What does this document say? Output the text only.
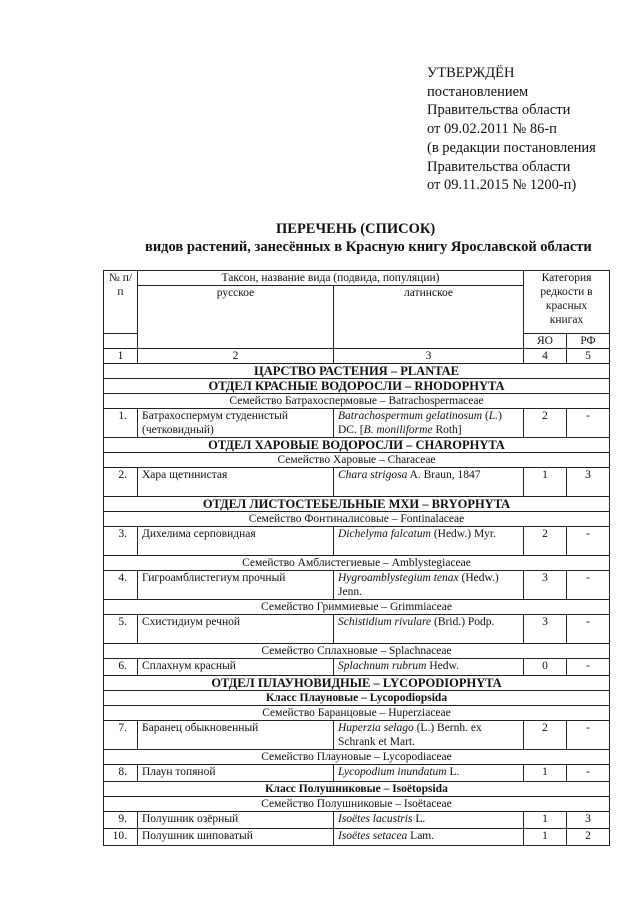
УТВЕРЖДЁН
постановлением
Правительства области
от 09.02.2011 № 86-п
(в редакции постановления
Правительства области
от 09.11.2015 № 1200-п)
ПЕРЕЧЕНЬ (СПИСОК)
видов растений, занесённых в Красную книгу Ярославской области
№ п/п	Таксон, название вида (подвида, популяции)		Категория редкости в красных книгах	
	русское	латинское		
			ЯО	РФ
1	2	3	4	5
ЦАРСТВО РАСТЕНИЯ – PLANTAE				
ОТДЕЛ КРАСНЫЕ ВОДОРОСЛИ – RHODOPHYTA				
Семейство Батрахоспермовые – Batrachospermaceae				
1.	Батрахоспермум студенистый (четковидный)	Batrachospermum gelatinosum (L.) DC. [B. moniliforme Roth]	2	-
ОТДЕЛ ХАРОВЫЕ ВОДОРОСЛИ – CHAROPHYTA				
Семейство Харовые – Characeae				
2.	Хара щетинистая	Chara strigosa A. Braun, 1847	1	3
ОТДЕЛ ЛИСТОСТЕБЕЛЬНЫЕ МХИ – BRYOPHYTA				
Семейство Фонтиналисовые – Fontinalaceae				
3.	Дихелима серповидная	Dichelyma falcatum (Hedw.) Myr.	2	-
Семейство Амблистегиевые – Amblystegiaceae				
4.	Гигроамблистегиум прочный	Hygroamblystegium tenax (Hedw.) Jenn.	3	-
Семейство Гриммиевые – Grimmiaceae				
5.	Схистидиум речной	Schistidium rivulare (Brid.) Podp.	3	-
Семейство Сплахновые – Splachnaceae				
6.	Сплахнум красный	Splachnum rubrum Hedw.	0	-
ОТДЕЛ ПЛАУНОВИДНЫЕ – LYCOPODIOPHYTA				
Класс Плауновые – Lycopodiopsida				
Семейство Баранцовые – Huperziaceae				
7.	Баранец обыкновенный	Huperzia selago (L.) Bernh. ex Schrank et Mart.	2	-
Семейство Плауновые – Lycopodiaceae				
8.	Плаун топяной	Lycopodium inundatum L.	1	-
Класс Полушниковые – Isoëtopsida				
Семейство Полушниковые – Isoëtaceae				
9.	Полушник озёрный	Isoëtes lacustris L.	1	3
10.	Полушник шиповатый	Isoëtes setacea Lam.	1	2
